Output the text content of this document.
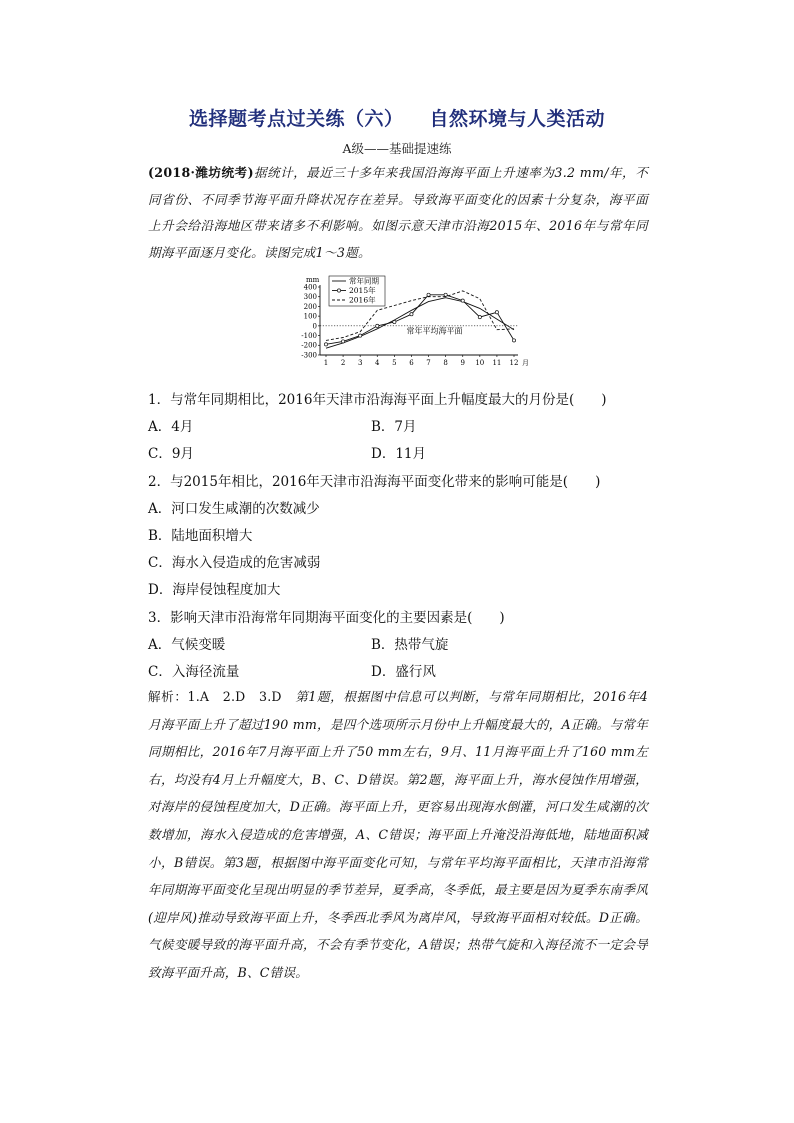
选择题考点过关练（六） 自然环境与人类活动
A级——基础提速练
(2018·潍坊统考)据统计，最近三十多年来我国沿海海平面上升速率为3.2 mm/年，不同省份、不同季节海平面升降状况存在差异。导致海平面变化的因素十分复杂，海平面上升会给沿海地区带来诸多不利影响。如图示意天津市沿海2015年、2016年与常年同期海平面逐月变化。读图完成1～3题。
mm
400
300
200
100
0
-100
-200
-300
1 2 3 4 5 6 7 8 9 10 11 12 月
常年平均海平面
常年同期
2015年
2016年
1．与常年同期相比，2016年天津市沿海海平面上升幅度最大的月份是(　　)
A．4月	B．7月
C．9月	D．11月
2．与2015年相比，2016年天津市沿海海平面变化带来的影响可能是(　　)
A．河口发生咸潮的次数减少
B．陆地面积增大
C．海水入侵造成的危害减弱
D．海岸侵蚀程度加大
3．影响天津市沿海常年同期海平面变化的主要因素是(　　)
A．气候变暖	B．热带气旋
C．入海径流量	D．盛行风
解析：1.A　2.D　3.D　第1题，根据图中信息可以判断，与常年同期相比，2016年4月海平面上升了超过190 mm，是四个选项所示月份中上升幅度最大的，A正确。与常年同期相比，2016年7月海平面上升了50 mm左右，9月、11月海平面上升了160 mm左右，均没有4月上升幅度大，B、C、D错误。第2题，海平面上升，海水侵蚀作用增强，对海岸的侵蚀程度加大，D正确。海平面上升，更容易出现海水倒灌，河口发生咸潮的次数增加，海水入侵造成的危害增强，A、C错误；海平面上升淹没沿海低地，陆地面积减小，B错误。第3题，根据图中海平面变化可知，与常年平均海平面相比，天津市沿海常年同期海平面变化呈现出明显的季节差异，夏季高，冬季低，最主要是因为夏季东南季风(迎岸风)推动导致海平面上升，冬季西北季风为离岸风，导致海平面相对较低。D正确。气候变暖导致的海平面升高，不会有季节变化，A错误；热带气旋和入海径流不一定会导致海平面升高，B、C错误。
